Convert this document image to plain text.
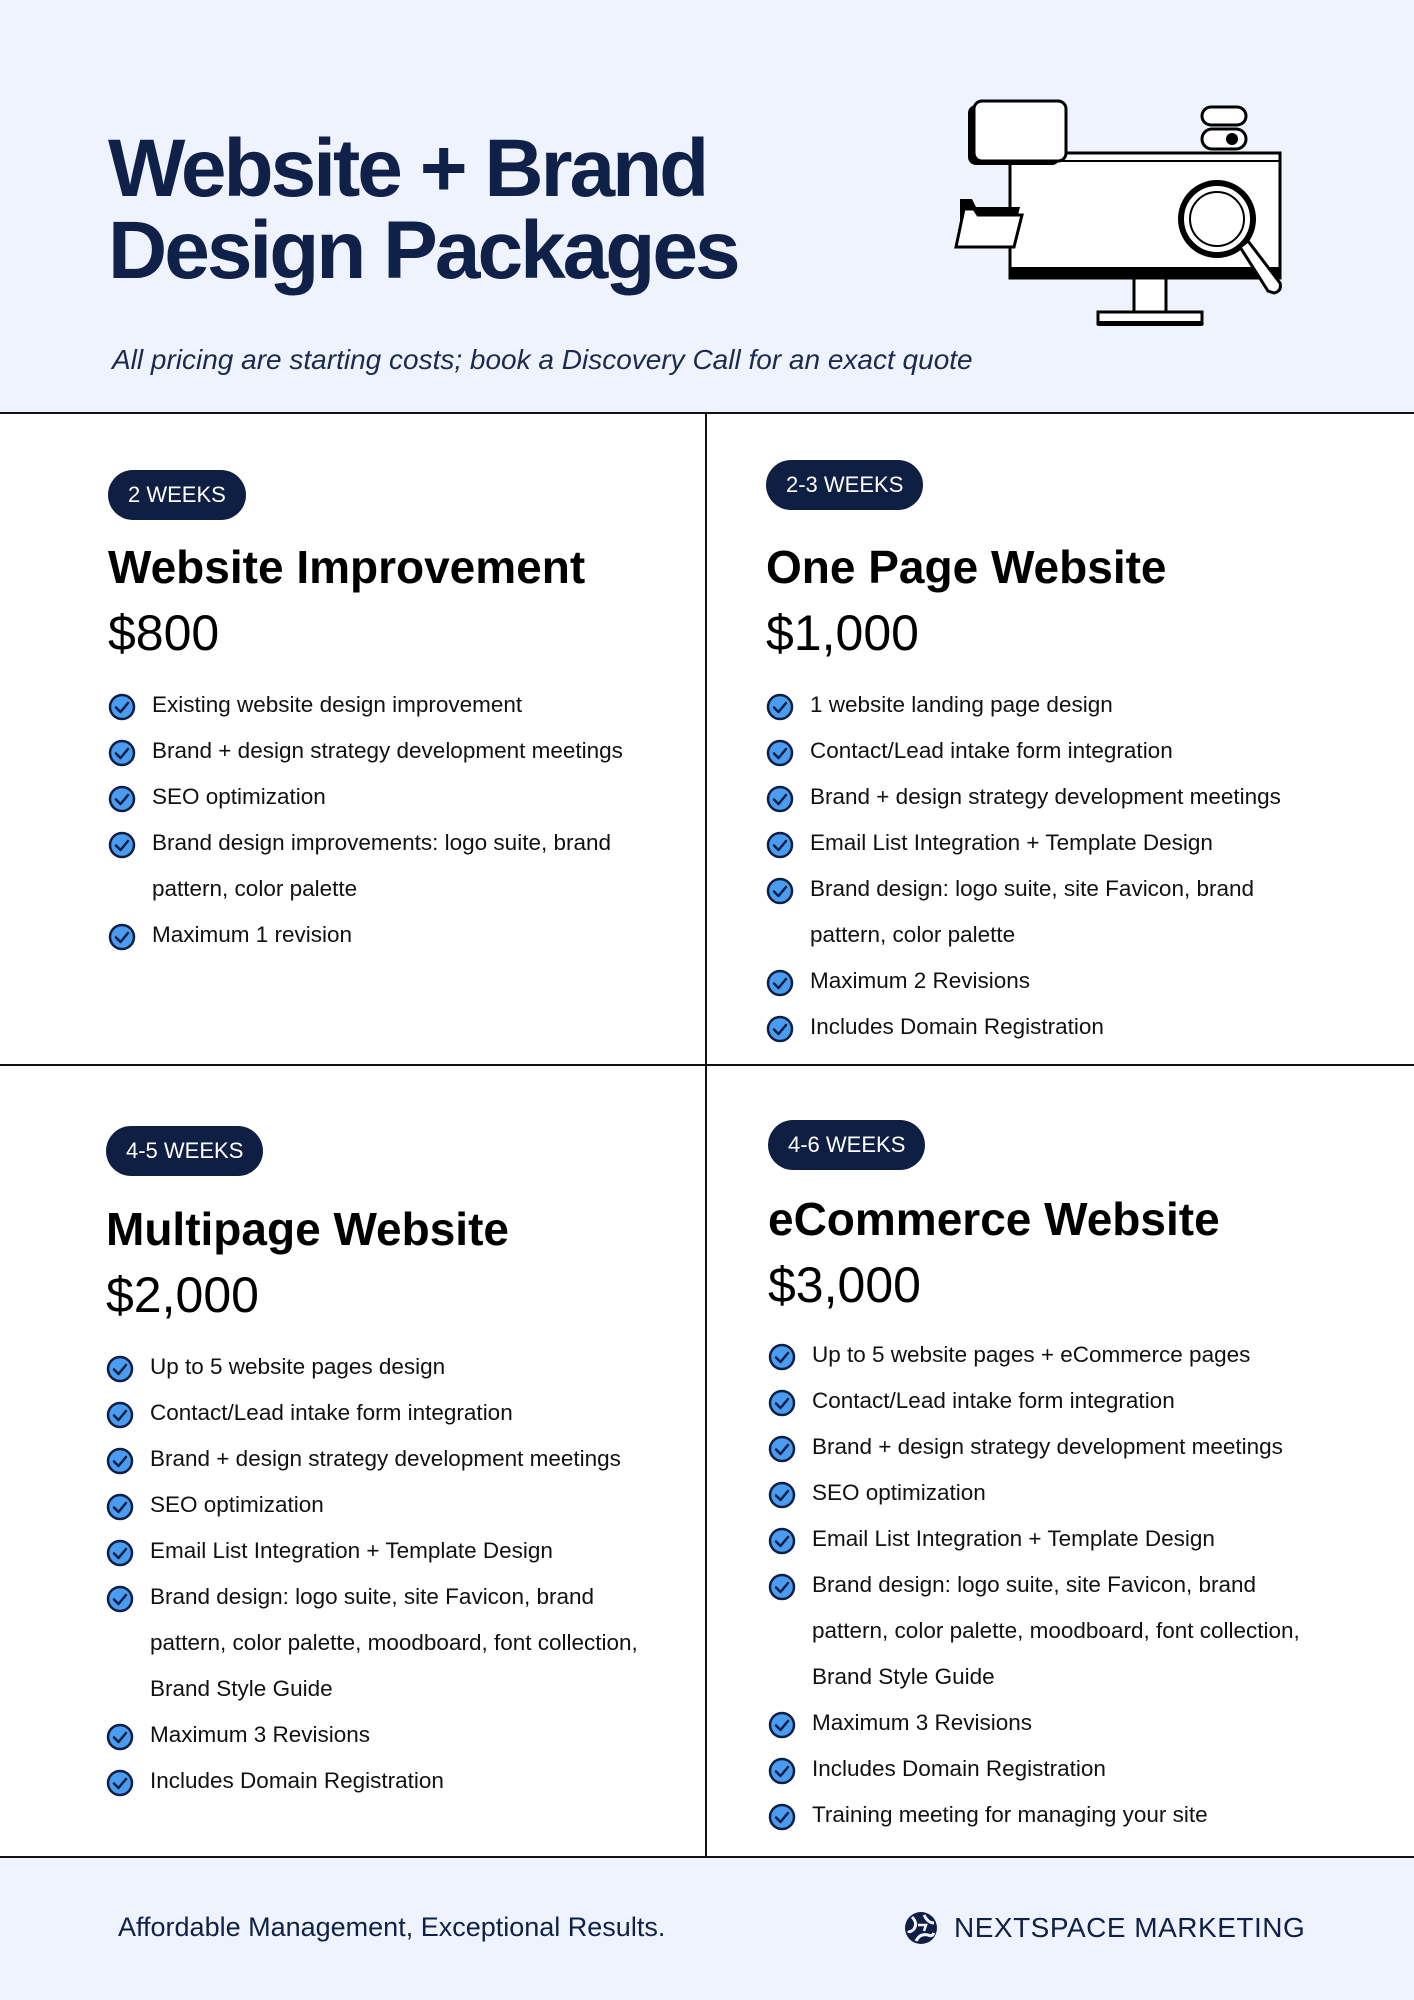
Website + Brand Design Packages
All pricing are starting costs; book a Discovery Call for an exact quote
2 WEEKS
Website Improvement
$800
Existing website design improvement
Brand + design strategy development meetings
SEO optimization
Brand design improvements: logo suite, brand pattern, color palette
Maximum 1 revision
2-3 WEEKS
One Page Website
$1,000
1 website landing page design
Contact/Lead intake form integration
Brand + design strategy development meetings
Email List Integration + Template Design
Brand design: logo suite, site Favicon, brand pattern, color palette
Maximum 2 Revisions
Includes Domain Registration
4-5 WEEKS
Multipage Website
$2,000
Up to 5 website pages design
Contact/Lead intake form integration
Brand + design strategy development meetings
SEO optimization
Email List Integration + Template Design
Brand design: logo suite, site Favicon, brand pattern, color palette, moodboard, font collection, Brand Style Guide
Maximum 3 Revisions
Includes Domain Registration
4-6 WEEKS
eCommerce Website
$3,000
Up to 5 website pages + eCommerce pages
Contact/Lead intake form integration
Brand + design strategy development meetings
SEO optimization
Email List Integration + Template Design
Brand design: logo suite, site Favicon, brand pattern, color palette, moodboard, font collection, Brand Style Guide
Maximum 3 Revisions
Includes Domain Registration
Training meeting for managing your site
Affordable Management, Exceptional Results.	NEXTSPACE MARKETING
